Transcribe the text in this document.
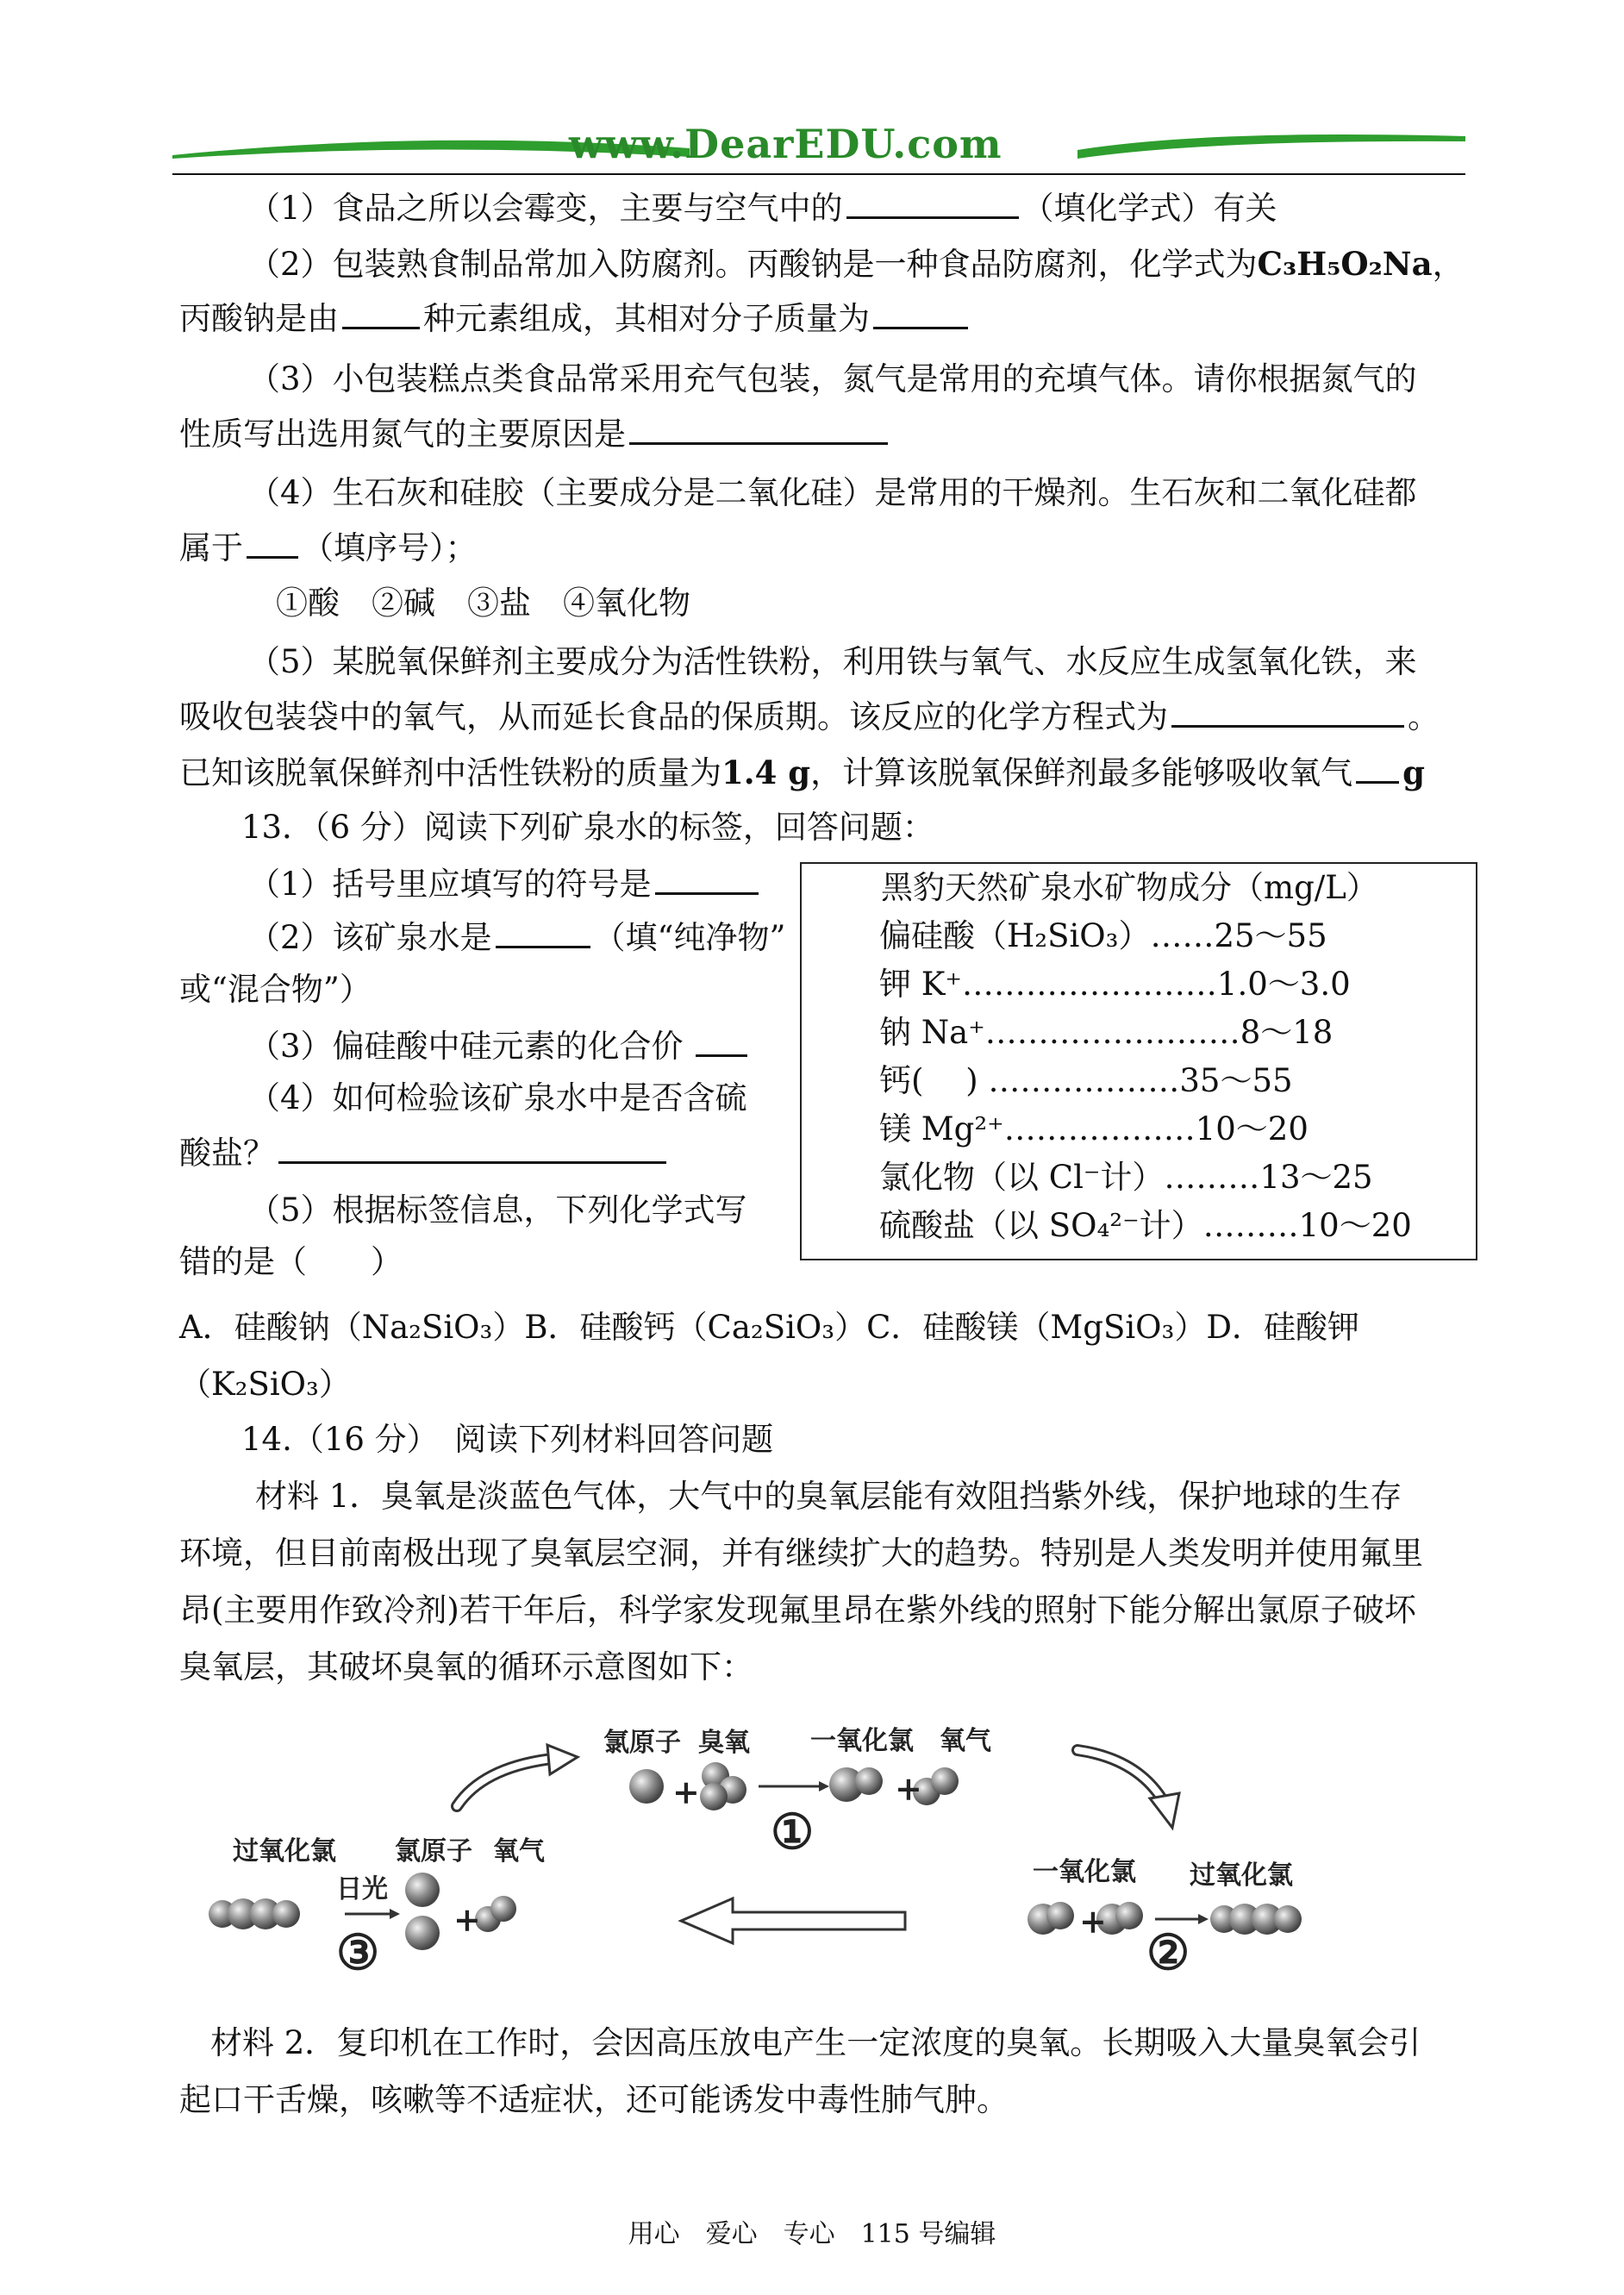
www.DearEDU.com
（1）食品之所以会霉变，主要与空气中的	（填化学式）有关
（2）包装熟食制品常加入防腐剂。丙酸钠是一种食品防腐剂，化学式为C₃H₅O₂Na，
丙酸钠是由	种元素组成，其相对分子质量为
（3）小包装糕点类食品常采用充气包装，氮气是常用的充填气体。请你根据氮气的
性质写出选用氮气的主要原因是
（4）生石灰和硅胶（主要成分是二氧化硅）是常用的干燥剂。生石灰和二氧化硅都
属于 （填序号）；
①酸　②碱　③盐　④氧化物
（5）某脱氧保鲜剂主要成分为活性铁粉，利用铁与氧气、水反应生成氢氧化铁，来
吸收包装袋中的氧气，从而延长食品的保质期。该反应的化学方程式为	。
已知该脱氧保鲜剂中活性铁粉的质量为1.4 g，计算该脱氧保鲜剂最多能够吸收氧气 g
13．（6 分）阅读下列矿泉水的标签，回答问题：
（1）括号里应填写的符号是
（2）该矿泉水是	（填“纯净物”
或“混合物”）
（3）偏硅酸中硅元素的化合价
（4）如何检验该矿泉水中是否含硫
酸盐？
（5）根据标签信息，下列化学式写
错的是（　　）
黑豹天然矿泉水矿物成分（mg/L）
偏硅酸（H₂SiO₃）……25～55
钾 K⁺……………………1.0～3.0
钠 Na⁺……………………8～18
钙(　 ) ………………35～55
镁 Mg²⁺………………10～20
氯化物（以 Cl⁻计）………13～25
硫酸盐（以 SO₄²⁻计）………10～20
A．硅酸钠（Na₂SiO₃）B．硅酸钙（Ca₂SiO₃）C．硅酸镁（MgSiO₃）D．硅酸钾
（K₂SiO₃）
14.（16 分）　阅读下列材料回答问题
材料 1．臭氧是淡蓝色气体，大气中的臭氧层能有效阻挡紫外线，保护地球的生存
环境，但目前南极出现了臭氧层空洞，并有继续扩大的趋势。特别是人类发明并使用氟里
昂(主要用作致冷剂)若干年后，科学家发现氟里昂在紫外线的照射下能分解出氯原子破坏
臭氧层，其破坏臭氧的循环示意图如下：
氯原子 臭氧 一氧化氯 氧气
+	+
①
一氧化氯 过氧化氯
+
②
过氧化氯 氯原子 氧气
日光
+
③
材料 2．复印机在工作时，会因高压放电产生一定浓度的臭氧。长期吸入大量臭氧会引
起口干舌燥，咳嗽等不适症状，还可能诱发中毒性肺气肿。
用心　爱心　专心　115 号编辑
